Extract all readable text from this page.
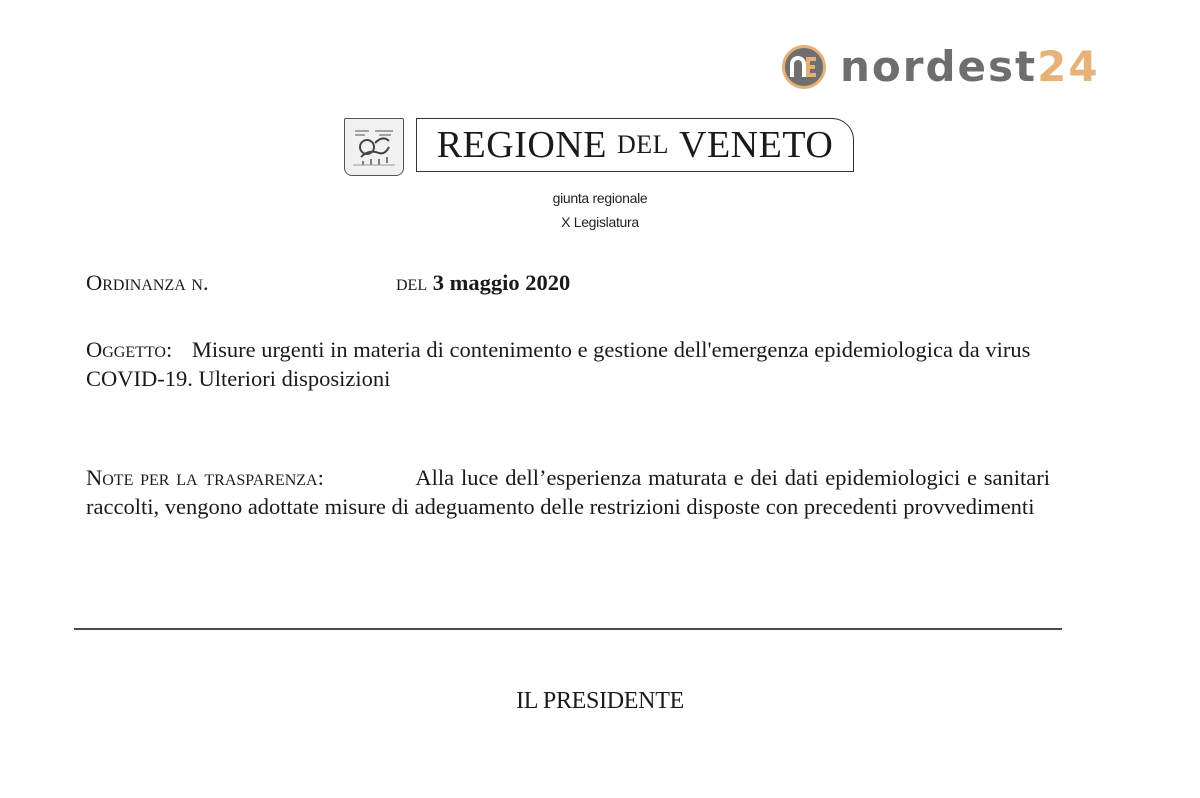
nordest24
REGIONE DEL VENETO
giunta regionale
X Legislatura
Ordinanza n.	del 3 maggio 2020
Oggetto: Misure urgenti in materia di contenimento e gestione dell'emergenza epidemiologica da virus COVID-19. Ulteriori disposizioni
Note per la trasparenza:	Alla luce dell’esperienza maturata e dei dati epidemiologici e sanitari raccolti, vengono adottate misure di adeguamento delle restrizioni disposte con precedenti provvedimenti
IL PRESIDENTE
